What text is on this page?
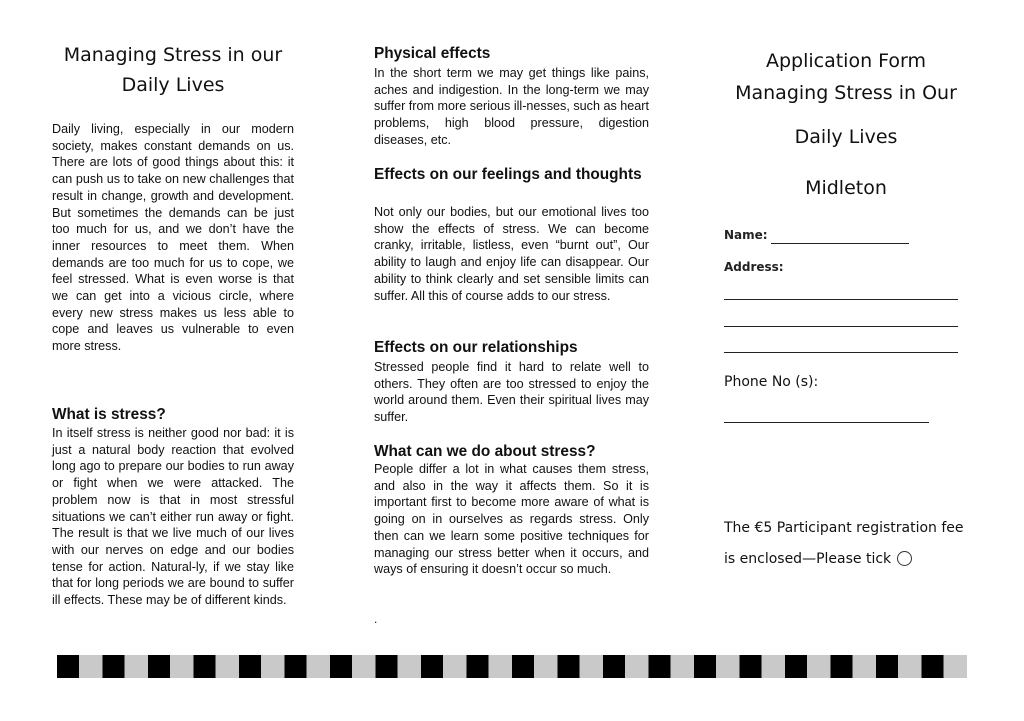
Managing Stress in our
Daily Lives

Daily living, especially in our modern society, makes constant demands on us. There are lots of good things about this: it can push us to take on new challenges that result in change, growth and development. But sometimes the demands can be just too much for us, and we don’t have the inner resources to meet them. When demands are too much for us to cope, we feel stressed. What is even worse is that we can get into a vicious circle, where every new stress makes us less able to cope and leaves us vulnerable to even more stress.

What is stress?

In itself stress is neither good nor bad: it is just a natural body reaction that evolved long ago to prepare our bodies to run away or fight when we were attacked. The problem now is that in most stressful situations we can’t either run away or fight. The result is that we live much of our lives with our nerves on edge and our bodies tense for action. Natural-ly, if we stay like that for long periods we are bound to suffer ill effects. These may be of different kinds.

Physical effects

In the short term we may get things like pains, aches and indigestion. In the long-term we may suffer from more serious ill-nesses, such as heart problems, high blood pressure, digestion diseases, etc.

Effects on our feelings and thoughts

Not only our bodies, but our emotional lives too show the effects of stress. We can become cranky, irritable, listless, even “burnt out”, Our ability to laugh and enjoy life can disappear. Our ability to think clearly and set sensible limits can suffer. All this of course adds to our stress.

Effects on our relationships

Stressed people find it hard to relate well to others. They often are too stressed to enjoy the world around them. Even their spiritual lives may suffer.

What can we do about stress?

People differ a lot in what causes them stress, and also in the way it affects them. So it is important first to become more aware of what is going on in ourselves as regards stress. Only then can we learn some positive techniques for managing our stress better when it occurs, and ways of ensuring it doesn’t occur so much.

.
Application Form
Managing Stress in Our
Daily Lives
Midleton
Name:
Address:
Phone No (s):
The €5 Participant registration fee
is enclosed—Please tick
